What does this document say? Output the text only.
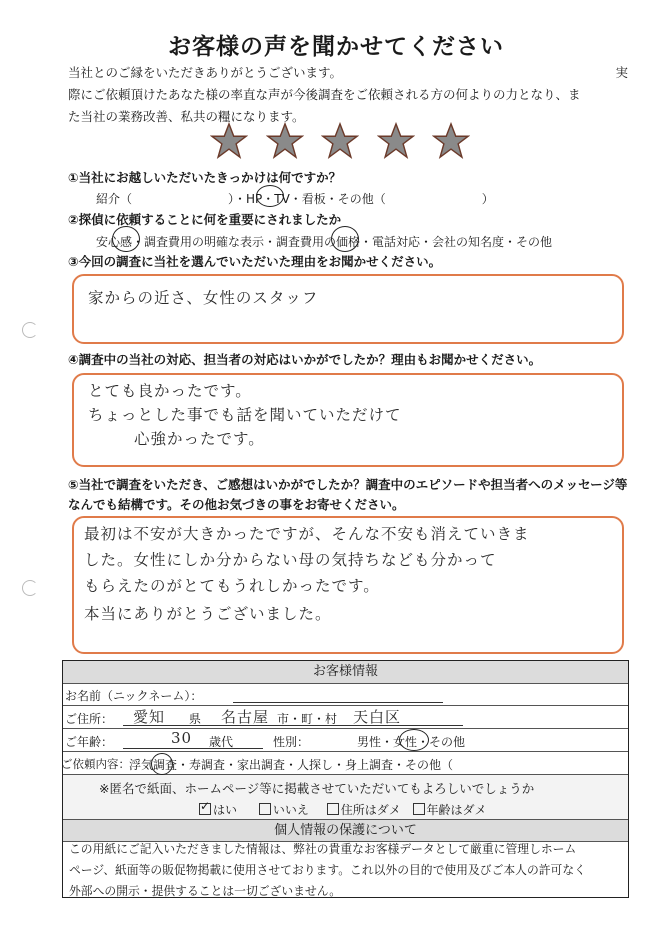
お客様の声を聞かせてください
当社とのご縁をいただきありがとうございます。	実
際にご依頼頂けたあなた様の率直な声が今後調査をご依頼される方の何よりの力となり、ま
た当社の業務改善、私共の糧になります。
①当社にお越しいただいたきっかけは何ですか？
紹介（　　　　　　　　）・HP・TV・看板・その他（　　　　　　　　）
②探偵に依頼することに何を重要にされましたか
安心感・調査費用の明確な表示・調査費用の価格・電話対応・会社の知名度・その他
③今回の調査に当社を選んでいただいた理由をお聞かせください。
家からの近さ、女性のスタッフ
④調査中の当社の対応、担当者の対応はいかがでしたか？理由もお聞かせください。
とても良かったです。
ちょっとした事でも話を聞いていただけて
心強かったです。
⑤当社で調査をいただき、ご感想はいかがでしたか？調査中のエピソードや担当者へのメッセージ等
なんでも結構です。その他お気づきの事をお寄せください。
最初は不安が大きかったですが、そんな不安も消えていきま
した。女性にしか分からない母の気持ちなども分かって
もらえたのがとてもうれしかったです。
本当にありがとうございました。
お客様情報
お名前（ニックネーム）：
ご住所： 愛知 県 名古屋 市・町・村 天白区
ご年齢：	30 歳代	性別：	男性・女性・その他
ご依頼内容： 浮気調査・寿調査・家出調査・人探し・身上調査・その他（
※匿名で紙面、ホームページ等に掲載させていただいてもよろしいでしょうか
✓ はい	いいえ	住所はダメ 年齢はダメ
個人情報の保護について
この用紙にご記入いただきました情報は、弊社の貴重なお客様データとして厳重に管理しホーム
ページ、紙面等の販促物掲載に使用させております。これ以外の目的で使用及びご本人の許可なく
外部への開示・提供することは一切ございません。
